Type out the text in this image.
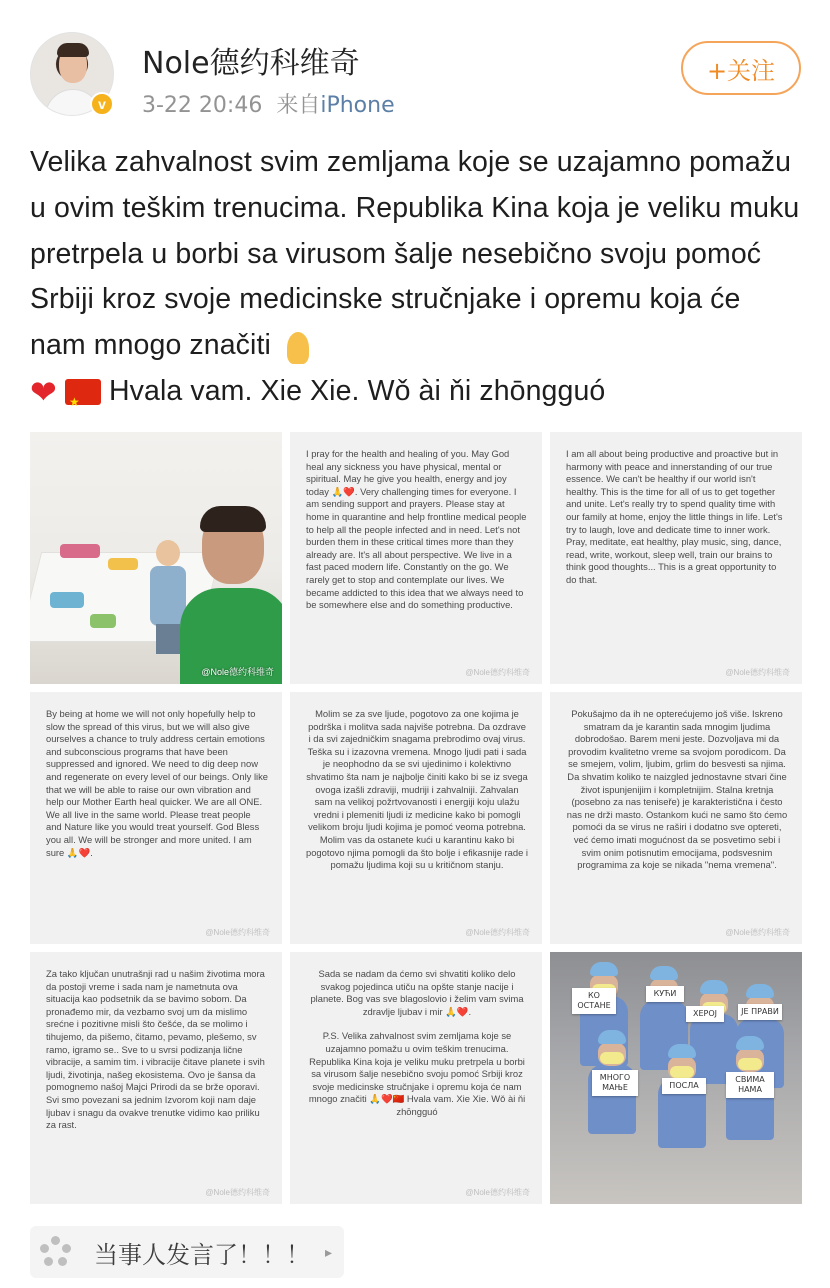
v
Nole德约科维奇
3-22 20:46 来自iPhone
+关注
Velika zahvalnost svim zemljama koje se uzajamno pomažu u ovim teškim trenucima. Republika Kina koja je veliku muku pretrpela u borbi sa virusom šalje nesebično svoju pomoć Srbiji kroz svoje medicinske stručnjake i opremu koja će nam mnogo značiti
❤ ★ Hvala vam. Xie Xie. Wǒ ài ňi zhōngguó
@Nole德约科维奇
I pray for the health and healing of you. May God heal any sickness you have physical, mental or spiritual. May he give you health, energy and joy today 🙏❤️. Very challenging times for everyone. I am sending support and prayers. Please stay at home in quarantine and help frontline medical people to help all the people infected and in need. Let's not burden them in these critical times more than they already are. It's all about perspective. We live in a fast paced modern life. Constantly on the go. We rarely get to stop and contemplate our lives. We became addicted to this idea that we always need to be somewhere else and do something productive.
@Nole德约科维奇
I am all about being productive and proactive but in harmony with peace and innerstanding of our true essence. We can't be healthy if our world isn't healthy. This is the time for all of us to get together and unite. Let's really try to spend quality time with our family at home, enjoy the little things in life. Let's try to laugh, love and dedicate time to inner work. Pray, meditate, eat healthy, play music, sing, dance, read, write, workout, sleep well, train our brains to think good thoughts... This is a great opportunity to do that.
@Nole德约科维奇
By being at home we will not only hopefully help to slow the spread of this virus, but we will also give ourselves a chance to truly address certain emotions and subconscious programs that have been suppressed and ignored. We need to dig deep now and regenerate on every level of our beings. Only like that we will be able to raise our own vibration and help our Mother Earth heal quicker. We are all ONE. We all live in the same world. Please treat people and Nature like you would treat yourself. God Bless you all. We will be stronger and more united. I am sure 🙏❤️.
@Nole德约科维奇
Molim se za sve ljude, pogotovo za one kojima je podrška i molitva sada najviše potrebna. Da ozdrave i da svi zajedničkim snagama prebrodimo ovaj virus. Teška su i izazovna vremena. Mnogo ljudi pati i sada je neophodno da se svi ujedinimo i kolektivno shvatimo šta nam je najbolje činiti kako bi se iz svega ovoga izašli zdraviji, mudriji i zahvalniji. Zahvalan sam na velikoj požrtvovanosti i energiji koju ulažu vredni i plemeniti ljudi iz medicine kako bi pomogli velikom broju ljudi kojima je pomoć veoma potrebna. Molim vas da ostanete kući u karantinu kako bi pogotovo njima pomogli da što bolje i efikasnije rade i pomažu ljudima koji su u kritičnom stanju.
@Nole德约科维奇
Pokušajmo da ih ne opterećujemo još više. Iskreno smatram da je karantin sada mnogim ljudima dobrodošao. Barem meni jeste. Dozvoljava mi da provodim kvalitetno vreme sa svojom porodicom. Da se smejem, volim, ljubim, grlim do besvesti sa njima. Da shvatim koliko te naizgled jednostavne stvari čine život ispunjenijim i kompletnijim. Stalna kretnja (posebno za nas teniseře) je karakteristična i često nas ne drži masto. Ostankom kući ne samo što ćemo pomoći da se virus ne raširi i dodatno sve optereti, već ćemo imati mogućnost da se posvetimo sebi i svim onim potisnutim emocijama, podsvesnim programima za koje se nikada "nema vremena".
@Nole德约科维奇
Za tako ključan unutrašnji rad u našim životima mora da postoji vreme i sada nam je nametnuta ova situacija kao podsetnik da se bavimo sobom. Da pronađemo mir, da vezbamo svoj um da mislimo srećne i pozitivne misli što češće, da se molimo i tihujemo, da pišemo, čitamo, pevamo, plešemo, sv ramo, igramo se.. Sve to u svrsi podizanja lične vibracije, a samim tim. i vibracije čitave planete i svih ljudi, životinja, našeg ekosistema. Ovo je šansa da pomognemo našoj Majci Prirodi da se brže oporavi. Svi smo povezani sa jednim Izvorom koji nam daje ljubav i snagu da ovakve trenutke vidimo kao priliku za rast.
@Nole德约科维奇

Sada se nadam da ćemo svi shvatiti koliko delo svakog pojedinca utiču na opšte stanje nacije i planete. Bog vas sve blagoslovio i želim vam svima zdravlje ljubav i mir 🙏❤️.

P.S. Velika zahvalnost svim zemljama koje se uzajamno pomažu u ovim teškim trenucima. Republika Kina koja je veliku muku pretrpela u borbi sa virusom šalje nesebično svoju pomoć Srbiji kroz svoje medicinske stručnjake i opremu koja će nam mnogo značiti 🙏❤️🇨🇳 Hvala vam. Xie Xie. Wǒ ài ňi zhōngguó

@Nole德约科维奇
КО ОСТАНЕ
КУЋИ
ХЕРОЈ	ЈЕ ПРАВИ
МНОГО МАЊЕ	ПОСЛА
СВИМА НАМА
当事人发言了！！！ ▸
